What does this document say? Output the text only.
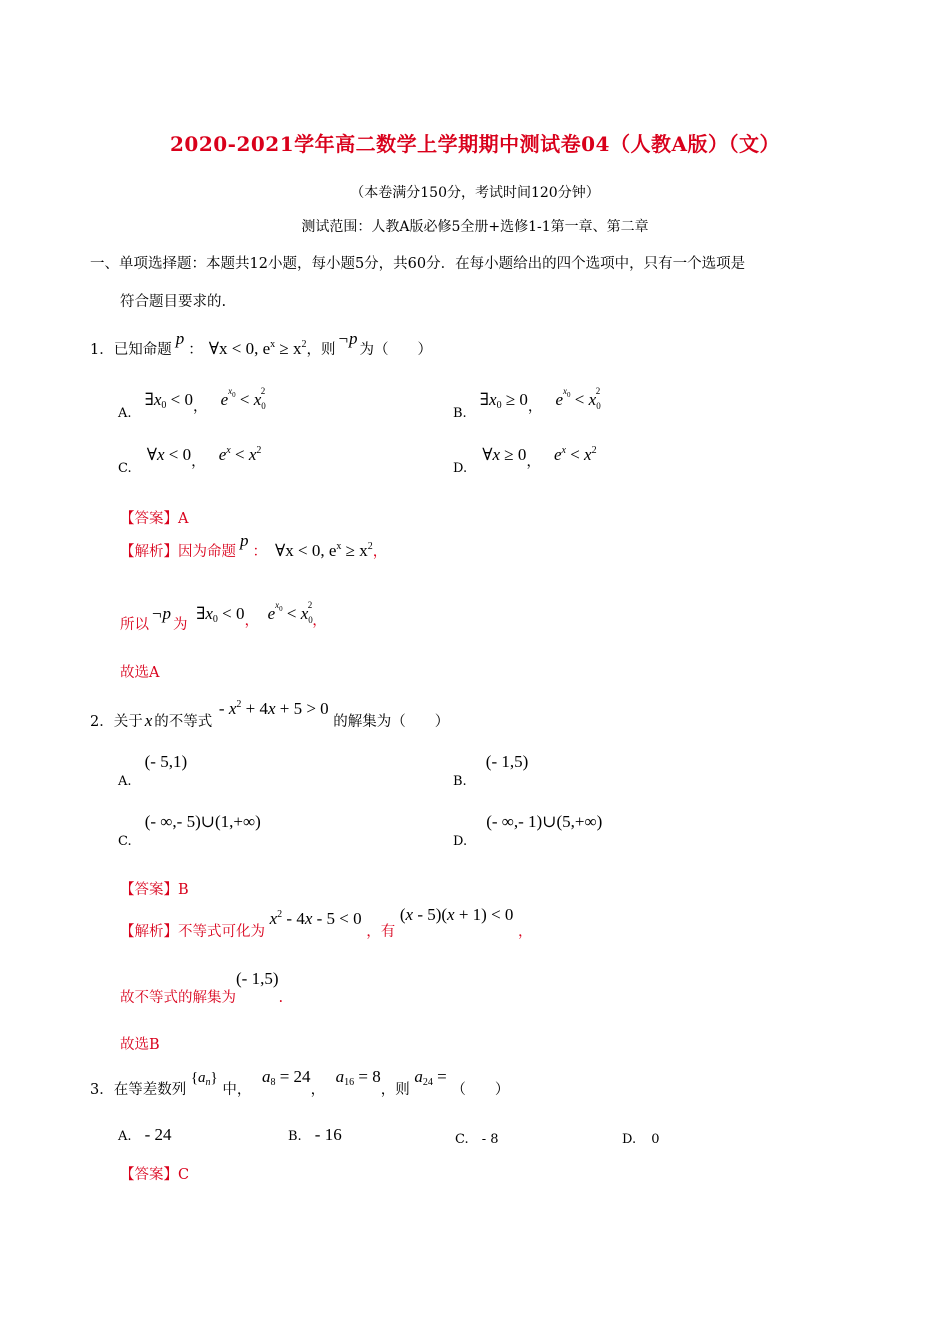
2020-2021学年高二数学上学期期中测试卷04（人教A版）（文）
（本卷满分150分，考试时间120分钟）
测试范围：人教A版必修5全册+选修1-1第一章、第二章
一、单项选择题：本题共12小题，每小题5分，共60分．在每小题给出的四个选项中，只有一个选项是
符合题目要求的.
1．已知命题p： ∀x < 0, $e^x \ge x^2$，则¬p为（　　）
$_{A.}$ $\exists x_0 < 0$， $e^{x_0} < x_0^2$
$_{B.}$ $\exists x_0 \ge 0$， $e^{x_0} < x_0^2$
$_{C.}$ ∀x < 0， $e^x < x^2$
$_{D.}$ ∀x ≥ 0， $e^x < x^2$
【答案】A
【解析】因为命题p： ∀x < 0, $e^x \ge x^2$，
所以¬p为 $\exists x_0 < 0$， $e^{x_0} < x_0^2$，
故选A
2．关于 x 的不等式 - $x^2 + 4x + 5 > 0$ 的解集为（　　）
$_{A.}$ (- 5,1)
$_{B.}$ (- 1,5)
$_{C.}$ (- ∞,- 5)∪(1,+∞)
$_{D.}$ (- ∞,- 1)∪(5,+∞)
【答案】B
【解析】不等式可化为 $x^2 - 4x - 5 < 0$ ，有 (x - 5)(x + 1) < 0 ，
故不等式的解集为(- 1,5).
故选B
3．在等差数列 $\{a_n\}$ 中， $a_8 = 24$， $a_{16} = 8$，则 $a_{24}$ = （　　）
A. - 24	B. - 16	C. - 8	D. 0
【答案】C
